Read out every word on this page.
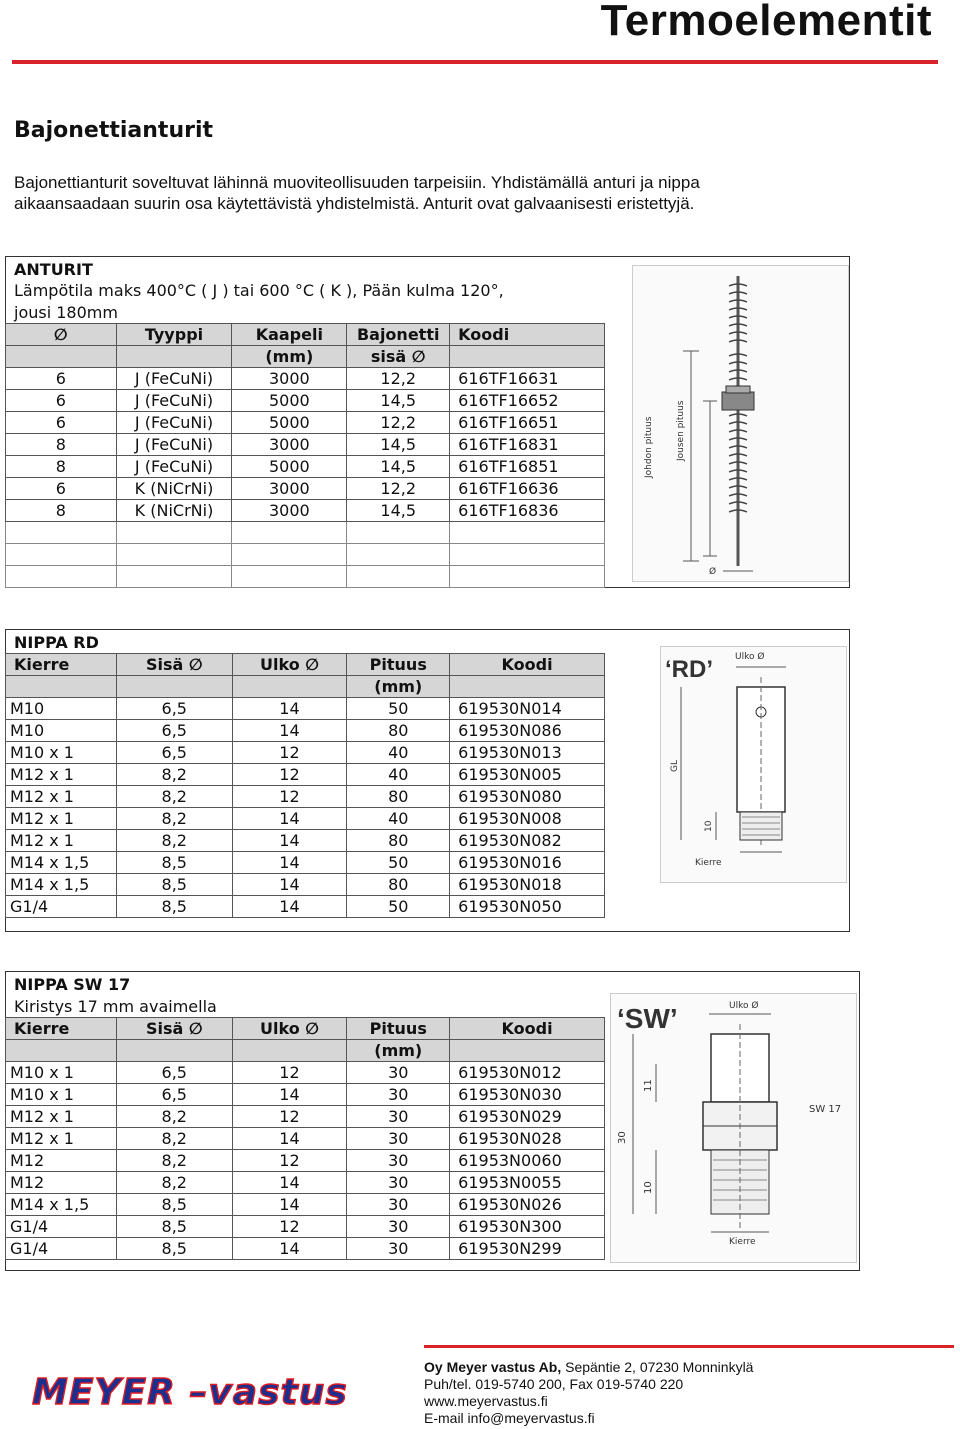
Termoelementit
Bajonettianturit
Bajonettianturit soveltuvat lähinnä muoviteollisuuden tarpeisiin. Yhdistämällä anturi ja nippa
aikaansaadaan suurin osa käytettävistä yhdistelmistä. Anturit ovat galvaanisesti eristettyjä.
ANTURIT
Lämpötila maks 400°C ( J ) tai 600 °C ( K ), Pään kulma 120°,
jousi 180mm
∅	Tyyppi	Kaapeli	Bajonetti	Koodi
		(mm)	sisä ∅	
6	J (FeCuNi)	3000	12,2	616TF16631
6	J (FeCuNi)	5000	14,5	616TF16652
6	J (FeCuNi)	5000	12,2	616TF16651
8	J (FeCuNi)	3000	14,5	616TF16831
8	J (FeCuNi)	5000	14,5	616TF16851
6	K (NiCrNi)	3000	12,2	616TF16636
8	K (NiCrNi)	3000	14,5	616TF16836

Johdon pituus Jousen pituus
Ø
NIPPA RD
Kierre	Sisä ∅	Ulko ∅	Pituus	Koodi
			(mm)	
M10	6,5	14	50	619530N014
M10	6,5	14	80	619530N086
M10 x 1	6,5	12	40	619530N013
M12 x 1	8,2	12	40	619530N005
M12 x 1	8,2	12	80	619530N080
M12 x 1	8,2	14	40	619530N008
M12 x 1	8,2	14	80	619530N082
M14 x 1,5	8,5	14	50	619530N016
M14 x 1,5	8,5	14	80	619530N018
G1/4	8,5	14	50	619530N050
‘RD’ Ulko Ø
GL
10
Kierre
NIPPA SW 17
Kiristys 17 mm avaimella
Kierre	Sisä ∅	Ulko ∅	Pituus	Koodi
			(mm)	
M10 x 1	6,5	12	30	619530N012
M10 x 1	6,5	14	30	619530N030
M12 x 1	8,2	12	30	619530N029
M12 x 1	8,2	14	30	619530N028
M12	8,2	12	30	61953N0060
M12	8,2	14	30	61953N0055
M14 x 1,5	8,5	14	30	619530N026
G1/4	8,5	12	30	619530N300
G1/4	8,5	14	30	619530N299
‘SW’	Ulko Ø
11
SW 17
30
10
Kierre
MEYER –vastus
Oy Meyer vastus Ab, Sepäntie 2, 07230 Monninkylä
Puh/tel. 019-5740 200, Fax 019-5740 220
www.meyervastus.fi
E-mail info@meyervastus.fi
